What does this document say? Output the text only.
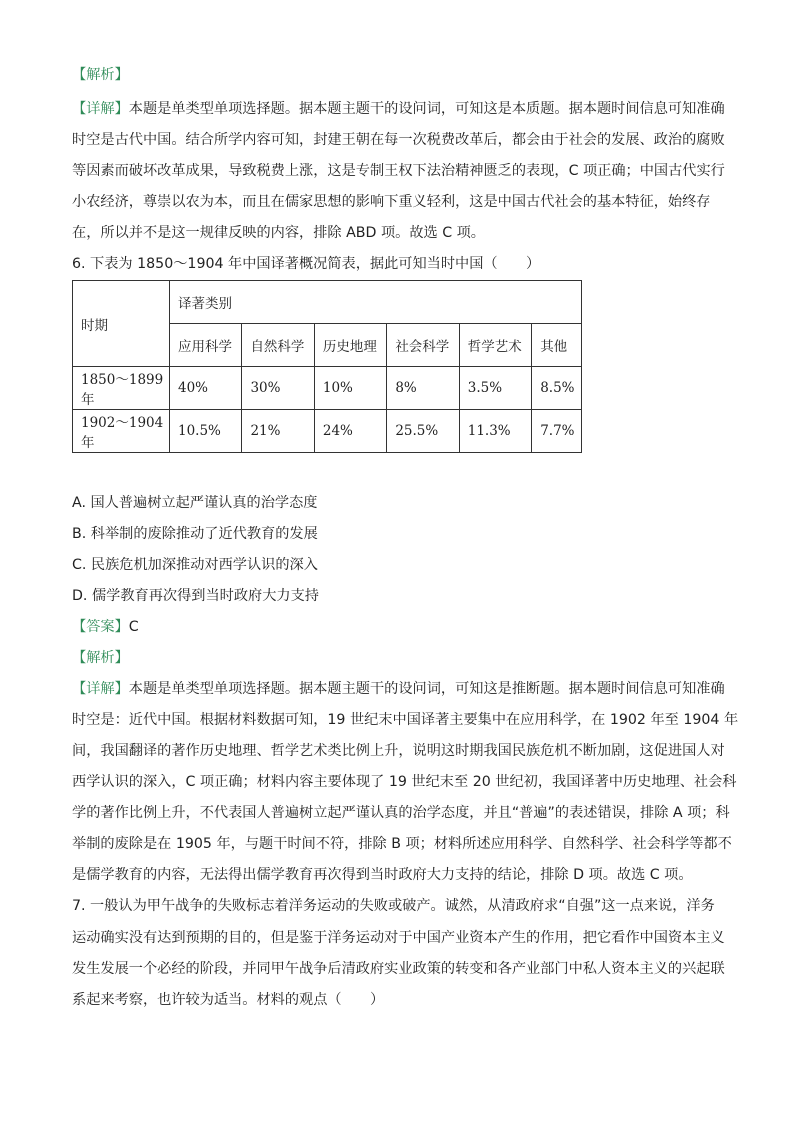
【解析】
【详解】本题是单类型单项选择题。据本题主题干的设问词，可知这是本质题。据本题时间信息可知准确
时空是古代中国。结合所学内容可知，封建王朝在每一次税费改革后，都会由于社会的发展、政治的腐败
等因素而破坏改革成果，导致税费上涨，这是专制王权下法治精神匮乏的表现，C 项正确；中国古代实行
小农经济，尊崇以农为本，而且在儒家思想的影响下重义轻利，这是中国古代社会的基本特征，始终存
在，所以并不是这一规律反映的内容，排除 ABD 项。故选 C 项。
6. 下表为 1850～1904 年中国译著概况简表，据此可知当时中国（　　）
时期	译著类别					
	应用科学	自然科学	历史地理	社会科学	哲学艺术	其他
1850～1899 年	40%	30%	10%	8%	3.5%	8.5%
1902～1904 年	10.5%	21%	24%	25.5%	11.3%	7.7%
A. 国人普遍树立起严谨认真的治学态度
B. 科举制的废除推动了近代教育的发展
C. 民族危机加深推动对西学认识的深入
D. 儒学教育再次得到当时政府大力支持
【答案】C
【解析】
【详解】本题是单类型单项选择题。据本题主题干的设问词，可知这是推断题。据本题时间信息可知准确
时空是：近代中国。根据材料数据可知，19 世纪末中国译著主要集中在应用科学，在 1902 年至 1904 年
间，我国翻译的著作历史地理、哲学艺术类比例上升，说明这时期我国民族危机不断加剧，这促进国人对
西学认识的深入，C 项正确；材料内容主要体现了 19 世纪末至 20 世纪初，我国译著中历史地理、社会科
学的著作比例上升，不代表国人普遍树立起严谨认真的治学态度，并且“普遍”的表述错误，排除 A 项；科
举制的废除是在 1905 年，与题干时间不符，排除 B 项；材料所述应用科学、自然科学、社会科学等都不
是儒学教育的内容，无法得出儒学教育再次得到当时政府大力支持的结论，排除 D 项。故选 C 项。
7. 一般认为甲午战争的失败标志着洋务运动的失败或破产。诚然，从清政府求“自强”这一点来说，洋务
运动确实没有达到预期的目的，但是鉴于洋务运动对于中国产业资本产生的作用，把它看作中国资本主义
发生发展一个必经的阶段，并同甲午战争后清政府实业政策的转变和各产业部门中私人资本主义的兴起联
系起来考察，也许较为适当。材料的观点（　　）
